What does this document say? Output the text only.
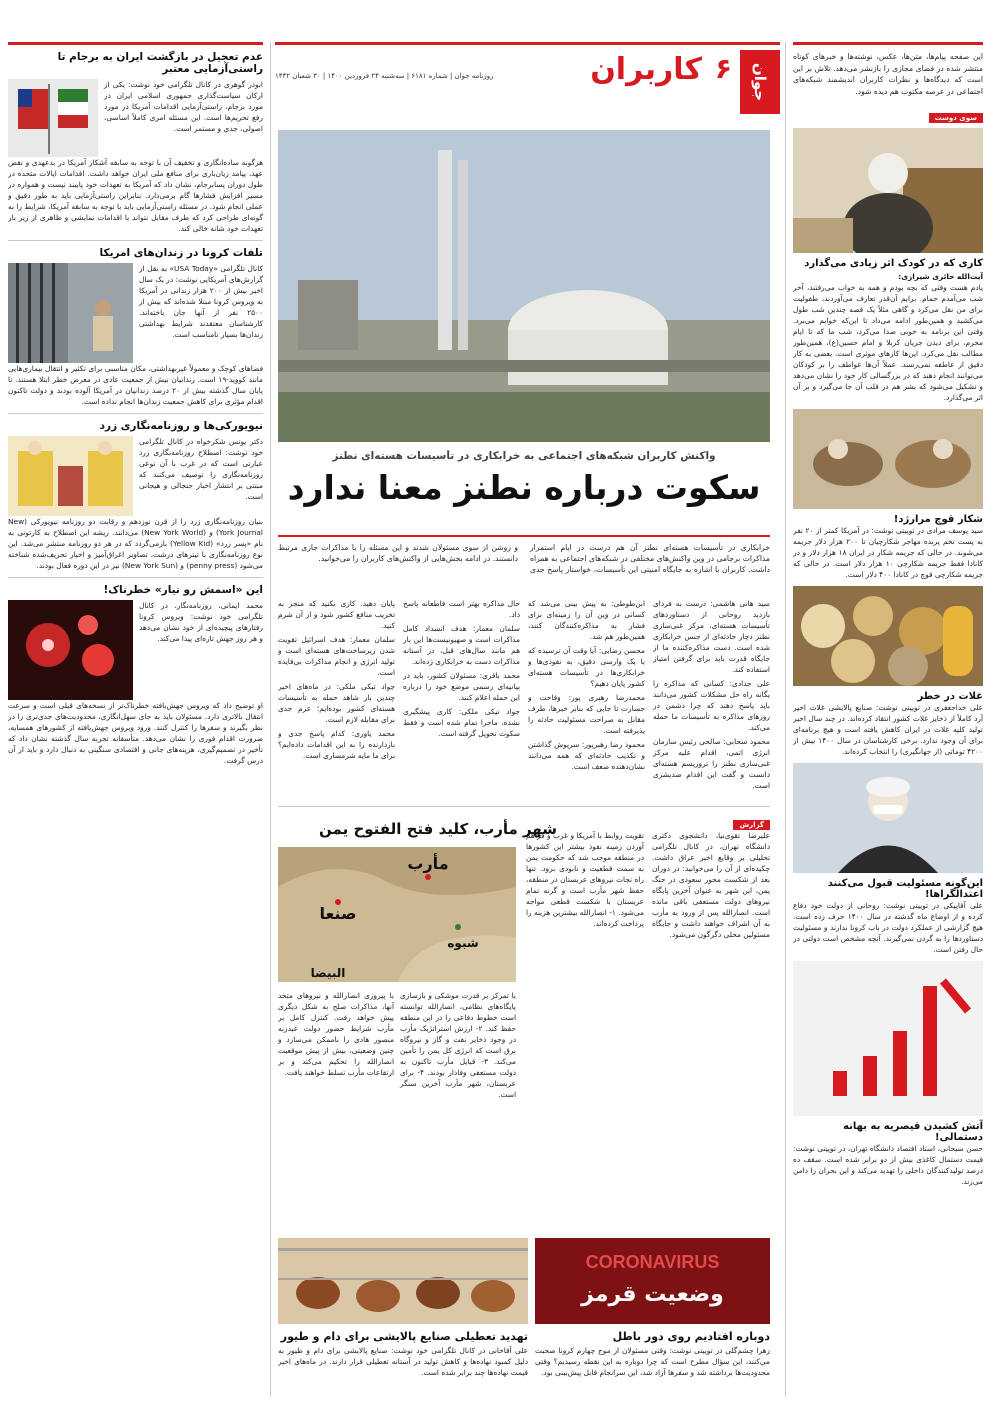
این صفحه پیام‌ها، متن‌ها، عکس، نوشته‌ها و خبرهای کوتاه منتشر شده در فضای مجازی را بازنشر می‌دهد. تلاش بر این است که دیدگاه‌ها و نظرات کاربران اندیشمند شبکه‌های اجتماعی در عرصه مکتوب هم دیده شود.

سوی دوست
کاری که در کودک اثر زیادی می‌گذارد

آیت‌الله حائری شیرازی:

یادم هست وقتی که بچه بودم و همه به خواب می‌رفتند، آخر شب می‌آمدم حمام. برایم آن‌قدر تعارف می‌آوردند، طفولیت برای من نقل می‌کرد و گاهی مثلاً یک قصه چندین شب طول می‌کشید و همین‌طور ادامه می‌داد تا این‌که خوابم می‌برد. وقتی این برنامه به خوبی صدا می‌کرد، شب ما که تا ایام محرم، برای دیدن جریان کربلا و امام حسین(ع)، همین‌طور مطالب نقل می‌کرد. این‌ها کارهای موثری است. بعضی به کار دقیق از عاطفه نمی‌رسند. عملاً آن‌ها عواطف را بر کودکان می‌توانند انجام دهند که در بزرگسالی کار خود را نشان می‌دهد و تشکیل می‌شود که بشر هم در قلب آن جا می‌گیرد و بر آن اثر می‌گذارد.

شکار قوچ مرارژد!

سید یوسف مرادی در توییتی نوشت: در آمریکا کمتر از ۲۰ نفر به پست تخم پرنده مهاجر شکارچیان تا ۲۰۰ هزار دلار جریمه می‌شوند. در حالی که جریمه شکار در ایران ۱۸ هزار دلار و در کانادا فقط جریمه شکارچی ۱۰ هزار دلار است. در حالی که جریمه شکارچی قوچ در کانادا ۴۰۰ دلار است.

غلات در خطر

علی خداجعفری در توییتی نوشت: صنایع پالایشی غلات اخیر آرد کاملاً از ذخایر غلات کشور انتقاد کرده‌اند. در چند سال اخیر تولید کلیه غلات در ایران کاهش یافته است و هیچ برنامه‌ای برای آن وجود ندارد. برخی کارشناسان در سال ۱۴۰۰ بیش از ۴۲۰۰ توماتی (از جهانگیری) را انتخاب کرده‌اند.

این‌گونه مسئولیت قبول می‌کنند اعتدالگراها!

علی آقاپیکی در توییتی نوشت: روحانی از دولت خود دفاع کرده و از اوضاع ماه گذشته در سال ۱۴۰۰ حرف زده است. هیچ گزارشی از عملکرد دولت در باب کرونا ندارند و مسئولیت دستاوردها را به گردن نمی‌گیرند. آنچه مشخص است دولتی در حال رفتن است.

آتش کشیدن قیصریه به بهانه دستمالی!

حسن سبحانی، استاد اقتصاد دانشگاه تهران، در توییتی نوشت: قیمت دستمال کاغذی بیش از دو برابر شده است. سقف ده درصد تولیدکنندگان داخلی را تهدید می‌کند و این بحران را دامن می‌زند.

جوان
۶
کاربران
روزنامه جوان | شماره ۶۱۸۱ | سه‌شنبه ۲۴ فروردین ۱۴۰۰ | ۳۰ شعبان ۱۴۴۲
واکنش کاربران شبکه‌های اجتماعی به خرابکاری در تأسیسات هسته‌ای نطنز
سکوت درباره نطنز معنا ندارد

خرابکاری در تأسیسات هسته‌ای نطنز آن هم درست در ایام استمرار مذاکرات برجامی در وین واکنش‌های مختلفی در شبکه‌های اجتماعی به همراه داشت. کاربران با اشاره به جایگاه امنیتی این تأسیسات، خواستار پاسخ جدی و روشن از سوی مسئولان شدند و این مسئله را با مذاکرات جاری مرتبط دانستند. در ادامه بخش‌هایی از واکنش‌های کاربران را می‌خوانید.

سید هانی هاشمی: درست به فردای بازدید روحانی از دستاوردهای تأسیسات هسته‌ای، مرکز غنی‌سازی نطنز دچار حادثه‌ای از جنس خرابکاری شده است. دست مذاکره‌کننده ما از جایگاه قدرت باید برای گرفتن امتیاز استفاده کند.

علی حدادی: کسانی که مذاکره را یگانه راه حل مشکلات کشور می‌دانند باید پاسخ دهند که چرا دشمن در روزهای مذاکره به تأسیسات ما حمله می‌کند.

محمود سحابی: صالحی رئیس سازمان انرژی اتمی، اقدام علیه مرکز غنی‌سازی نطنز را تروریسم هسته‌ای دانست و گفت این اقدام ضدبشری است.

ابن‌طوطی: به پیش بینی می‌شد که کسانی در وین آن را زمینه‌ای برای فشار به مذاکره‌کنندگان کنند، همین‌طور هم شد.

محسن رضایی: آیا وقت آن نرسیده که با یک وارسی دقیق، به نفوذی‌ها و خرابکاری‌ها در تأسیسات هسته‌ای کشور پایان دهیم؟

محمدرضا رهبری پور: وقاحت و جسارت تا جایی که بنابر خبرها، طرف مقابل به صراحت مسئولیت حادثه را پذیرفته است.

محمود رضا رهبرپور: سرپوش گذاشتن و تکذیب حادثه‌ای که همه می‌دانند نشان‌دهنده ضعف است.

حال مذاکره بهتر است قاطعانه پاسخ داد.

سلمان معمار: هدف انسداد کامل مذاکرات است و صهیونیست‌ها این بار هم مانند سال‌های قبل، در آستانه مذاکرات دست به خرابکاری زده‌اند.

محمد باقری: مسئولان کشور، باید در بیانیه‌ای رسمی موضع خود را درباره این حمله اعلام کنند.

جواد تیکی ملکی: کاری پیشگیری نشده، ماجرا تمام شده است و فقط سکوت تحویل گرفته است.

پایان دهید. کاری نکنید که منجر به تخریب منافع کشور شود و از آن شرم کنید.

سلمان معمار: هدف اسرائیل تقویت شدن زیرساخت‌های هسته‌ای است و تولید انرژی و انجام مذاکرات بی‌فایده است.

جواد تیکی ملکی: در ماه‌های اخیر چندین بار شاهد حمله به تأسیسات هسته‌ای کشور بوده‌ایم؛ عزم جدی برای مقابله لازم است.

محمد یاوری: کدام پاسخ جدی و بازدارنده را به این اقدامات داده‌ایم؟ برای ما مایه شرمساری است.

گزارش
شهر مأرب، کلید فتح الفتوح یمن	علیرضا تقوی‌نیا، دانشجوی دکتری دانشگاه تهران، در کانال تلگرامی تحلیلی بر وقایع اخیر عراق داشت. چکیده‌ای از آن را می‌خوانید: در دوران بعد از شکست محور سعودی در جنگ یمن، این شهر به عنوان آخرین پایگاه نیروهای دولت مستعفی باقی مانده است. انصارالله پس از ورود به مأرب به آن اشراف خواهند داشت و جایگاه مسئولین محلی دگرگون می‌شود.

تقویت روابط با آمریکا و غرب و فراهم آوردن زمینه نفوذ بیشتر این کشورها در منطقه موجب شد که حکومت یمن به سمت قطعیت و نابودی برود. تنها راه نجات نیروهای عربستان در منطقه، حفظ شهر مأرب است و گرنه تمام عربستان با شکست قطعی مواجه می‌شود. ۱- انصارالله بیشترین هزینه را پرداخت کرده‌اند.

مأرب
صنعا
شبوه
البیضا

با تمرکز بر قدرت موشکی و بازسازی پایگاه‌های نظامی، انصارالله توانسته است خطوط دفاعی را در این منطقه حفظ کند. ۲- ارزش استراتژیک مأرب در وجود ذخایر نفت و گاز و نیروگاه برق است که انرژی کل یمن را تأمین می‌کند. ۳- قبایل مأرب تاکنون به دولت مستعفی وفادار بودند. ۴- برای عربستان، شهر مأرب آخرین سنگر است.

با پیروزی انصارالله و نیروهای متحد آنها، مذاکرات صلح به شکل دیگری پیش خواهد رفت. کنترل کامل بر مأرب شرایط حضور دولت عبدربه منصور هادی را ناممکن می‌سازد و چنین وضعیتی، بیش از پیش موقعیت انصارالله را تحکیم می‌کند و بر ارتفاعات مأرب تسلط خواهند یافت.

CORONAVIRUS
وضعیت قرمز
دوباره افتادیم روی دور باطل

زهرا چشم‌گلی در توییتی نوشت: وقتی مسئولان از موج چهارم کرونا صحبت می‌کنند، این سؤال مطرح است که چرا دوباره به این نقطه رسیدیم؟ وقتی محدودیت‌ها برداشته شد و سفرها آزاد شد، این سرانجام قابل پیش‌بینی بود.

تهدید تعطیلی صنایع پالایشی برای دام و طیور

علی آقاخانی در کانال تلگرامی خود نوشت: صنایع پالایشی برای دام و طیور به دلیل کمبود نهاده‌ها و کاهش تولید در آستانه تعطیلی قرار دارند. در ماه‌های اخیر قیمت نهاده‌ها چند برابر شده است.

عدم تعجیل در بازگشت ایران به برجام تا راستی‌آزمایی معتبر

ابوذر گوهری در کانال تلگرامی خود نوشت: یکی از ارکان سیاست‌گذاری جمهوری اسلامی ایران در مورد برجام، راستی‌آزمایی اقدامات آمریکا در مورد رفع تحریم‌ها است. این مسئله امری کاملاً اساسی، اصولی، جدی و مستمر است.

هرگونه ساده‌انگاری و تخفیف آن با توجه به سابقه آشکار آمریکا در بدعهدی و نقض عهد، پیامد زیان‌باری برای منافع ملی ایران خواهد داشت. اقدامات ایالات متحده در طول دوران پسابرجام، نشان داد که آمریکا به تعهدات خود پایبند نیست و همواره در مسیر افزایش فشارها گام برمی‌دارد. بنابراین راستی‌آزمایی باید به طور دقیق و عملی انجام شود. در مسئله راستی‌آزمایی باید با توجه به سابقه آمریکا، شرایط را به گونه‌ای طراحی کرد که طرف مقابل نتواند با اقدامات نمایشی و ظاهری از زیر بار تعهدات خود شانه خالی کند.

تلفات کرونا در زندان‌های امریکا

کانال تلگرامی «USA Today» به نقل از گزارش‌های آمریکایی نوشت: در یک سال اخیر بیش از ۲۰۰ هزار زندانی در آمریکا به ویروس کرونا مبتلا شده‌اند که بیش از ۲۵۰۰ نفر از آنها جان باخته‌اند. کارشناسان معتقدند شرایط بهداشتی زندان‌ها بسیار نامناسب است.

فضاهای کوچک و معمولاً غیربهداشتی، مکان مناسبی برای تکثیر و انتقال بیماری‌هایی مانند کووید-۱۹ است. زندانیان بیش از جمعیت عادی در معرض خطر ابتلا هستند. تا پایان سال گذشته بیش از ۲۰ درصد زندانیان در آمریکا آلوده بودند و دولت تاکنون اقدام مؤثری برای کاهش جمعیت زندان‌ها انجام نداده است.

نیویورکی‌ها و روزنامه‌نگاری زرد

دکتر یونس شکرخواه در کانال تلگرامی خود نوشت: اصطلاح روزنامه‌نگاری زرد عبارتی است که در غرب با آن نوعی روزنامه‌نگاری را توصیف می‌کنند که مبتنی بر انتشار اخبار جنجالی و هیجانی است.

بنیان روزنامه‌نگاری زرد را از قرن نوزدهم و رقابت دو روزنامه نیویورکی (New York Journal) و (New York World) می‌دانند. ریشه این اصطلاح به کارتونی به نام «پسر زرد» (Yellow Kid) بازمی‌گردد که در هر دو روزنامه منتشر می‌شد. این نوع روزنامه‌نگاری با تیترهای درشت، تصاویر اغراق‌آمیز و اخبار تحریف‌شده شناخته می‌شود (penny press) و (New York Sun) نیز در این دوره فعال بودند.

این «اسمش رو نیار» خطرناک!

محمد ایمانی، روزنامه‌نگار، در کانال تلگرامی خود نوشت: ویروس کرونا رفتارهای پیچیده‌ای از خود نشان می‌دهد و هر روز جهش تازه‌ای پیدا می‌کند.

او توضیح داد که ویروس جهش‌یافته خطرناک‌تر از نسخه‌های قبلی است و سرعت انتقال بالاتری دارد. مسئولان باید به جای سهل‌انگاری، محدودیت‌های جدی‌تری را در نظر بگیرند و سفرها را کنترل کنند. ورود ویروس جهش‌یافته از کشورهای همسایه، ضرورت اقدام فوری را نشان می‌دهد. متأسفانه تجربه سال گذشته نشان داد که تأخیر در تصمیم‌گیری، هزینه‌های جانی و اقتصادی سنگینی به دنبال دارد و باید از آن درس گرفت.
